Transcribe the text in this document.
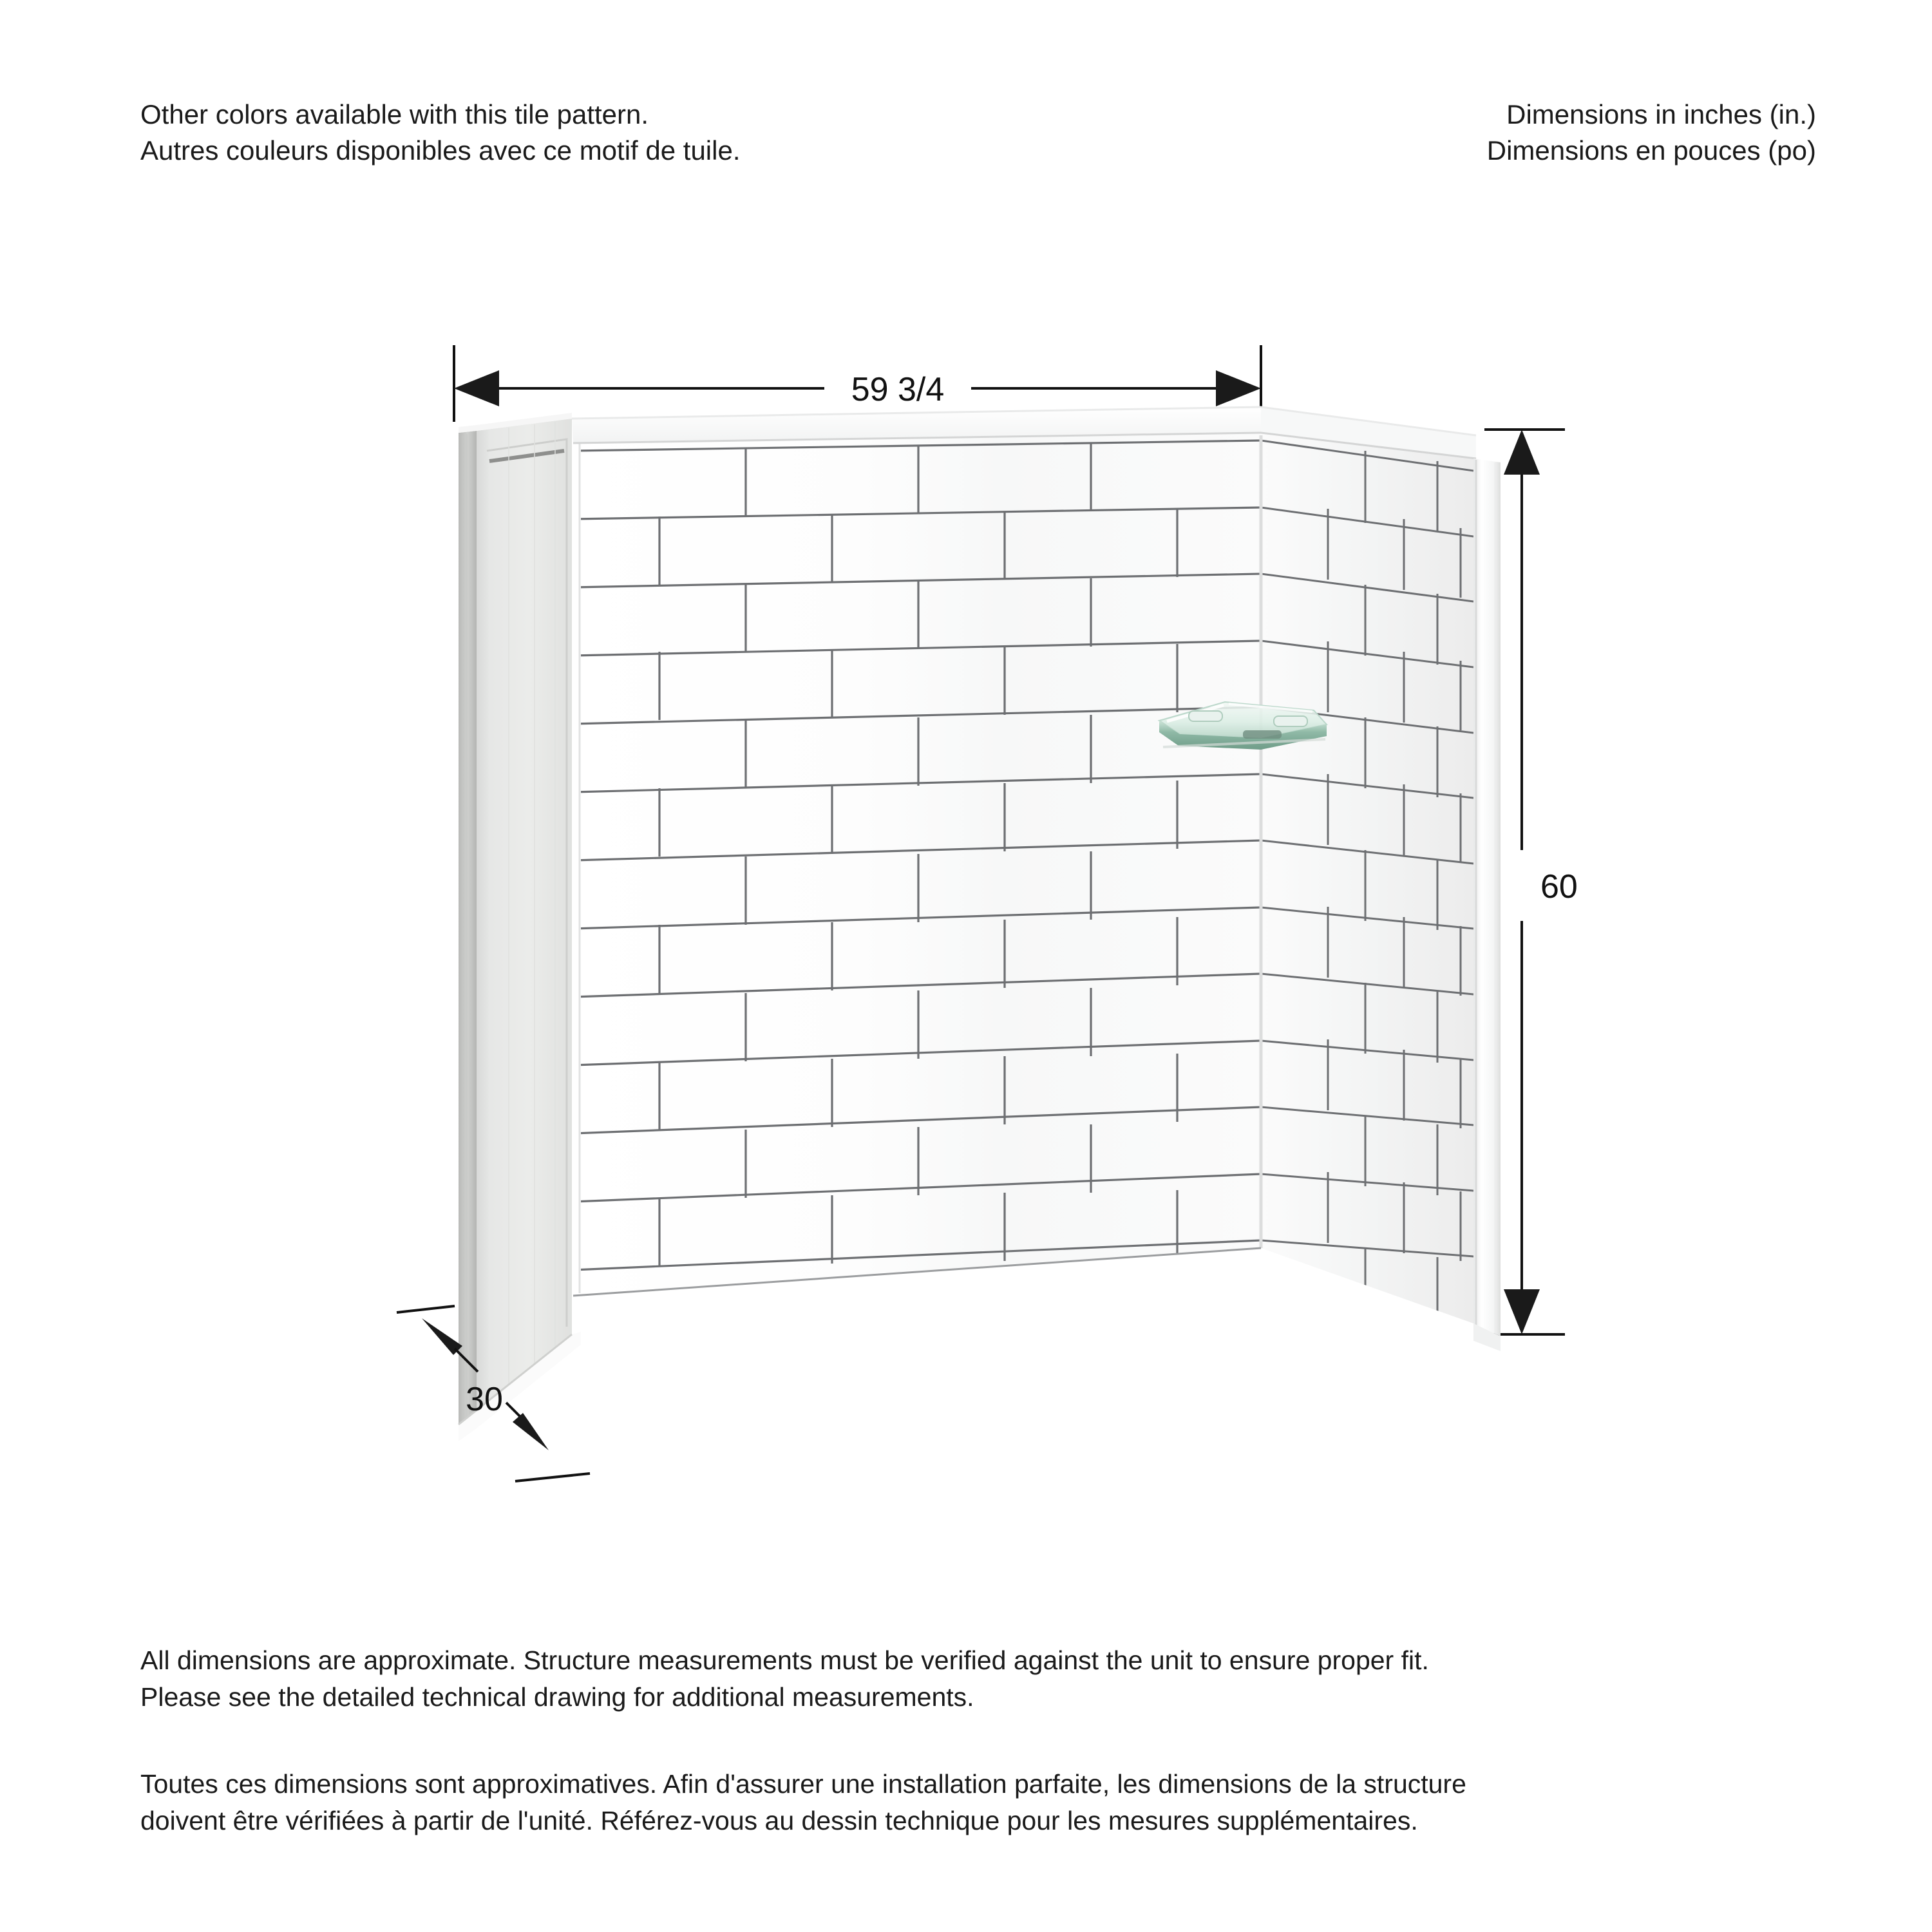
Other colors available with this tile pattern.
Autres couleurs disponibles avec ce motif de tuile.
Dimensions in inches (in.)
Dimensions en pouces (po)
59 3/4
60
30
All dimensions are approximate. Structure measurements must be verified against the unit to ensure proper fit.
Please see the detailed technical drawing for additional measurements.
Toutes ces dimensions sont approximatives. Afin d'assurer une installation parfaite, les dimensions de la structure
doivent être vérifiées à partir de l'unité. Référez-vous au dessin technique pour les mesures supplémentaires.
